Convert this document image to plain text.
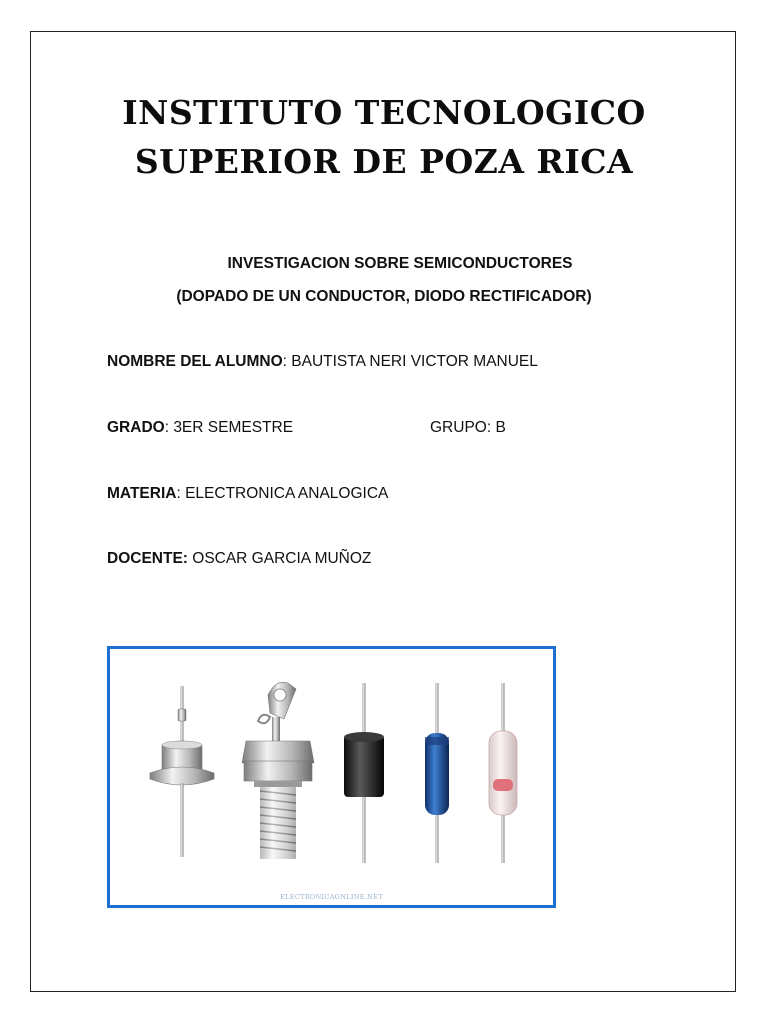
INSTITUTO TECNOLOGICO
SUPERIOR DE POZA RICA
INVESTIGACION SOBRE SEMICONDUCTORES
(DOPADO DE UN CONDUCTOR, DIODO RECTIFICADOR)
NOMBRE DEL ALUMNO: BAUTISTA NERI VICTOR MANUEL
GRADO: 3ER SEMESTRE	GRUPO: B
MATERIA: ELECTRONICA ANALOGICA
DOCENTE: OSCAR GARCIA MUÑOZ
ELECTRONICAONLINE.NET
